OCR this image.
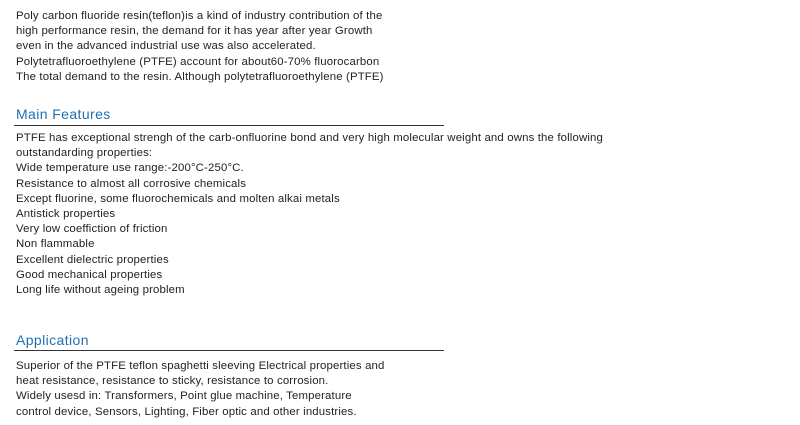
Poly carbon fluoride resin(teflon)is a kind of industry contribution of the
high performance resin, the demand for it has year after year Growth
even in the advanced industrial use was also accelerated.
Polytetrafluoroethylene (PTFE) account for about60-70% fluorocarbon
The total demand to the resin. Although polytetrafluoroethylene (PTFE)
Main Features
PTFE has exceptional strengh of the carb-onfluorine bond and very high molecular weight and owns the following
outstandarding properties:
Wide temperature use range:-200°C-250°C.
Resistance to almost all corrosive chemicals
Except fluorine, some fluorochemicals and molten alkai metals
Antistick properties
Very low coeffiction of friction
Non flammable
Excellent dielectric properties
Good mechanical properties
Long life without ageing problem
Application
Superior of the PTFE teflon spaghetti sleeving Electrical properties and
heat resistance, resistance to sticky, resistance to corrosion.
Widely usesd in: Transformers, Point glue machine, Temperature
control device, Sensors, Lighting, Fiber optic and other industries.
